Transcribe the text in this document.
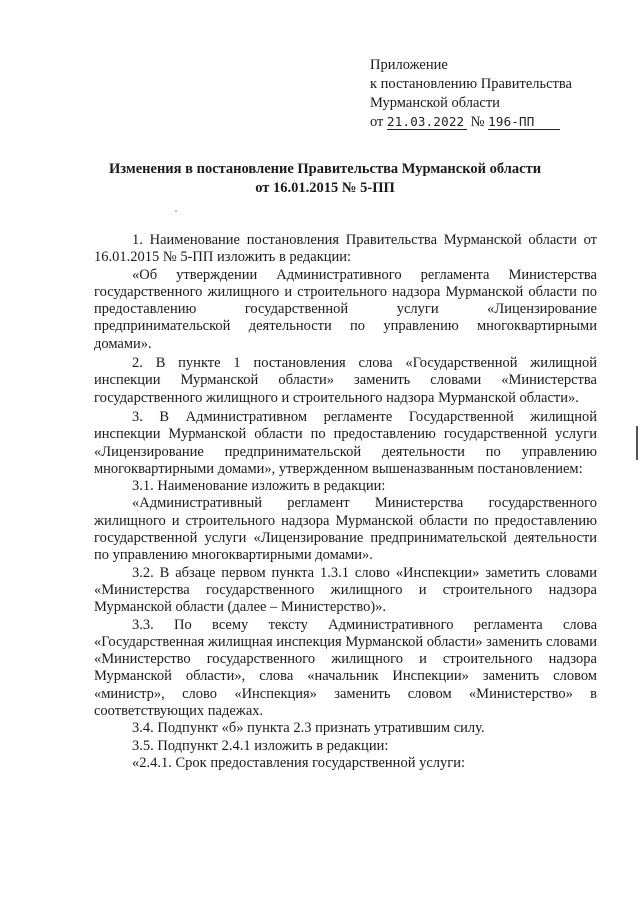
Приложение
к постановлению Правительства
Мурманской области
от 21.03.2022 № 196-ПП
Изменения в постановление Правительства Мурманской области
от 16.01.2015 № 5-ПП

1. Наименование постановления Правительства Мурманской области от 16.01.2015 № 5-ПП изложить в редакции:

«Об утверждении Административного регламента Министерства государственного жилищного и строительного надзора Мурманской области по предоставлению государственной услуги «Лицензирование предпринимательской деятельности по управлению многоквартирными домами».

2. В пункте 1 постановления слова «Государственной жилищной инспекции Мурманской области» заменить словами «Министерства государственного жилищного и строительного надзора Мурманской области».

3. В Административном регламенте Государственной жилищной инспекции Мурманской области по предоставлению государственной услуги «Лицензирование предпринимательской деятельности по управлению многоквартирными домами», утвержденном вышеназванным постановлением:

3.1. Наименование изложить в редакции:

«Административный регламент Министерства государственного жилищного и строительного надзора Мурманской области по предоставлению государственной услуги «Лицензирование предпринимательской деятельности по управлению многоквартирными домами».

3.2. В абзаце первом пункта 1.3.1 слово «Инспекции» заметить словами «Министерства государственного жилищного и строительного надзора Мурманской области (далее – Министерство)».

3.3. По всему тексту Административного регламента слова «Государственная жилищная инспекция Мурманской области» заменить словами «Министерство государственного жилищного и строительного надзора Мурманской области», слова «начальник Инспекции» заменить словом «министр», слово «Инспекция» заменить словом «Министерство» в соответствующих падежах.

3.4. Подпункт «б» пункта 2.3 признать утратившим силу.

3.5. Подпункт 2.4.1 изложить в редакции:

«2.4.1. Срок предоставления государственной услуги:
